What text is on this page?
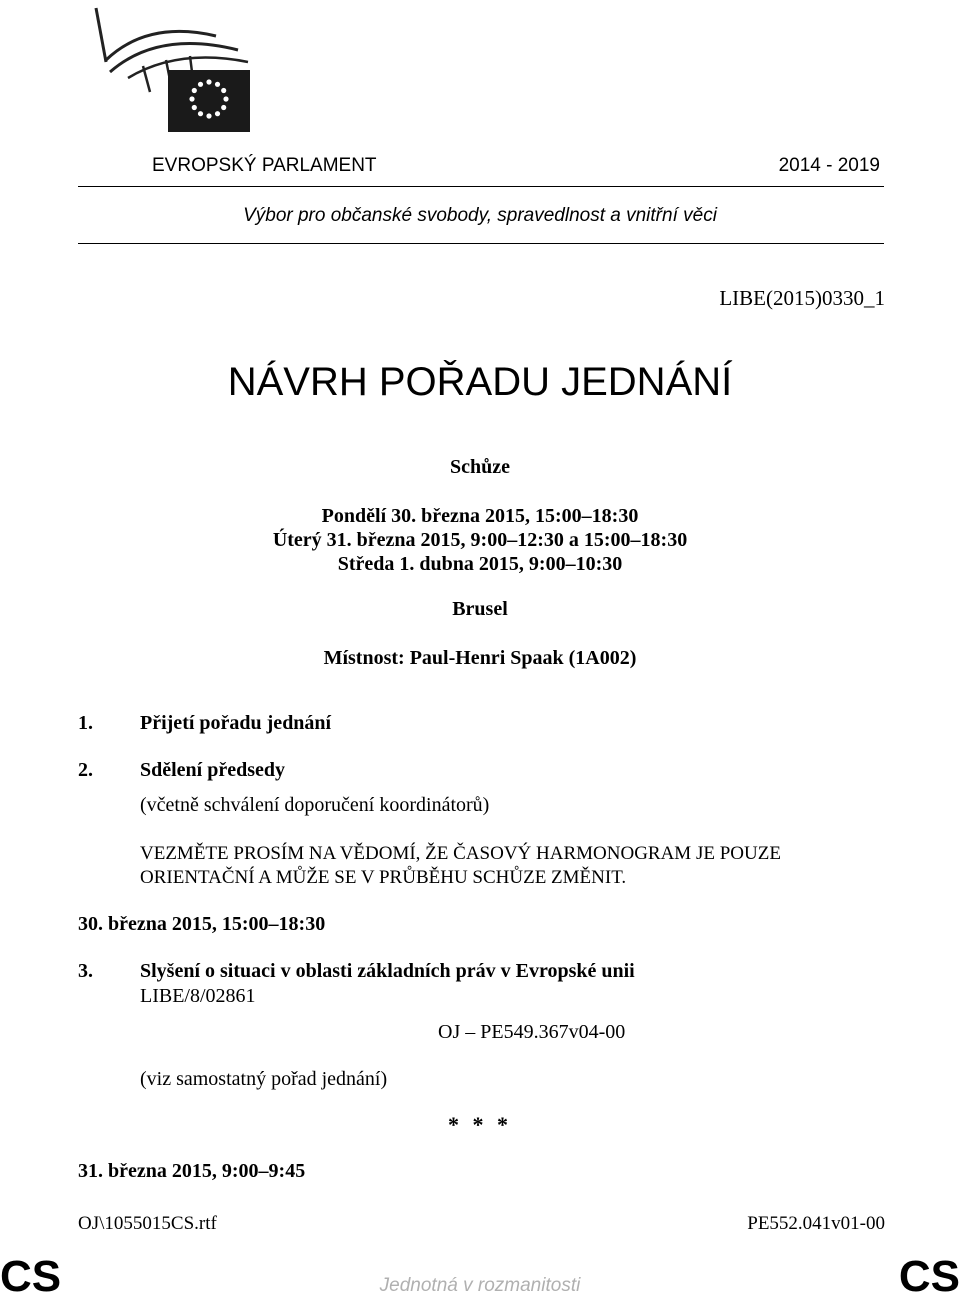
EVROPSKÝ PARLAMENT	2014 - 2019
Výbor pro občanské svobody, spravedlnost a vnitřní věci
LIBE(2015)0330_1
NÁVRH POŘADU JEDNÁNÍ
Schůze
Pondělí 30. března 2015, 15:00–18:30
Úterý 31. března 2015, 9:00–12:30 a 15:00–18:30
Středa 1. dubna 2015, 9:00–10:30
Brusel
Místnost: Paul-Henri Spaak (1A002)
1. Přijetí pořadu jednání
2. Sdělení předsedy
(včetně schválení doporučení koordinátorů)
VEZMĚTE PROSÍM NA VĚDOMÍ, ŽE ČASOVÝ HARMONOGRAM JE POUZE ORIENTAČNÍ A MŮŽE SE V PRŮBĚHU SCHŮZE ZMĚNIT.
30. března 2015, 15:00–18:30
3. Slyšení o situaci v oblasti základních práv v Evropské unii
LIBE/8/02861
OJ – PE549.367v04-00
(viz samostatný pořad jednání)
* * *
31. března 2015, 9:00–9:45
OJ\1055015CS.rtf	PE552.041v01-00
CS	Jednotná v rozmanitosti	CS
